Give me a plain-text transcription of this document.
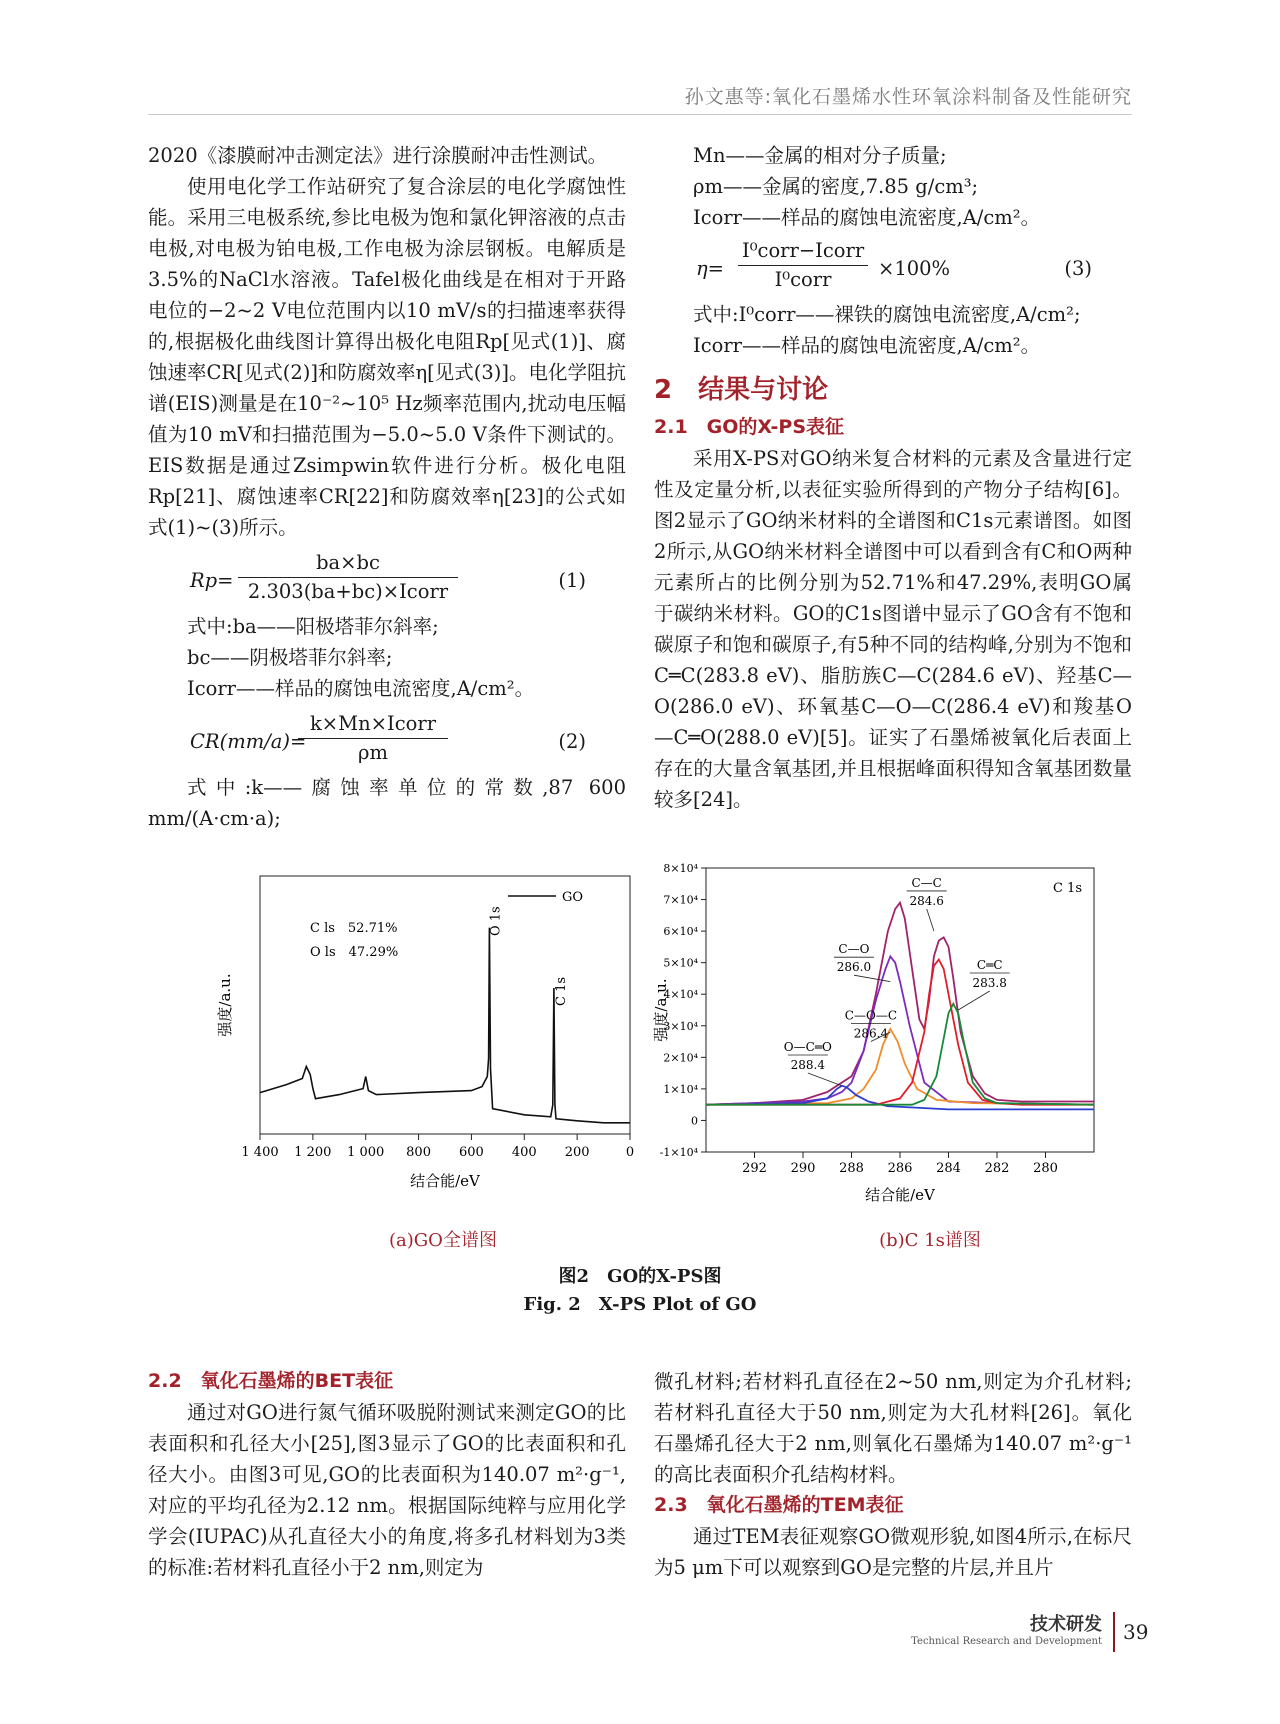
孙文惠等:氧化石墨烯水性环氧涂料制备及性能研究

2020《漆膜耐冲击测定法》进行涂膜耐冲击性测试。

使用电化学工作站研究了复合涂层的电化学腐蚀性能。采用三电极系统,参比电极为饱和氯化钾溶液的点击电极,对电极为铂电极,工作电极为涂层钢板。电解质是3.5%的NaCl水溶液。Tafel极化曲线是在相对于开路电位的−2~2 V电位范围内以10 mV/s的扫描速率获得的,根据极化曲线图计算得出极化电阻Rp[见式(1)]、腐蚀速率CR[见式(2)]和防腐效率η[见式(3)]。电化学阻抗谱(EIS)测量是在10⁻²~10⁵ Hz频率范围内,扰动电压幅值为10 mV和扫描范围为−5.0~5.0 V条件下测试的。EIS数据是通过Zsimpwin软件进行分析。极化电阻Rp[21]、腐蚀速率CR[22]和防腐效率η[23]的公式如式(1)~(3)所示。

Rp=
ba×bc
2.303(ba+bc)×Icorr	(1)

式中:ba——阳极塔菲尔斜率;

bc——阴极塔菲尔斜率;

Icorr——样品的腐蚀电流密度,A/cm²。

CR(mm/a)=
k×Mn×Icorr
ρm	(2)

式中:k——腐蚀率单位的常数,87 600 mm/(A·cm·a);

Mn——金属的相对分子质量;

ρm——金属的密度,7.85 g/cm³;

Icorr——样品的腐蚀电流密度,A/cm²。

η=
I⁰corr−Icorr
I⁰corr	×100%	(3)

式中:I⁰corr——裸铁的腐蚀电流密度,A/cm²;

Icorr——样品的腐蚀电流密度,A/cm²。

2　结果与讨论

2.1　GO的X-PS表征

采用X-PS对GO纳米复合材料的元素及含量进行定性及定量分析,以表征实验所得到的产物分子结构[6]。图2显示了GO纳米材料的全谱图和C1s元素谱图。如图2所示,从GO纳米材料全谱图中可以看到含有C和O两种元素所占的比例分别为52.71%和47.29%,表明GO属于碳纳米材料。GO的C1s图谱中显示了GO含有不饱和碳原子和饱和碳原子,有5种不同的结构峰,分别为不饱和C═C(283.8 eV)、脂肪族C—C(284.6 eV)、羟基C—O(286.0 eV)、环氧基C—O—C(286.4 eV)和羧基O—C═O(288.0 eV)[5]。证实了石墨烯被氧化后表面上存在的大量含氧基团,并且根据峰面积得知含氧基团数量较多[24]。

1 400 1 200 1 000 800 600 400 200	0
结合能/eV
强度/a.u.
GO
C ls　52.71%
O ls　47.29%
O 1s
C 1s
292 290 288 286 284 282 280
-1×10⁴
0
1×10⁴
2×10⁴
3×10⁴
4×10⁴
5×10⁴
6×10⁴
7×10⁴
8×10⁴
结合能/eV
强度/a.u.
C 1s
C—C
284.6
C═C
283.8
C—O
286.0
C—O—C
286.4
O—C═O
288.4
(a)GO全谱图	(b)C 1s谱图
图2　GO的X-PS图
Fig. 2　X-PS Plot of GO

2.2　氧化石墨烯的BET表征

通过对GO进行氮气循环吸脱附测试来测定GO的比表面积和孔径大小[25],图3显示了GO的比表面积和孔径大小。由图3可见,GO的比表面积为140.07 m²·g⁻¹,对应的平均孔径为2.12 nm。根据国际纯粹与应用化学学会(IUPAC)从孔直径大小的角度,将多孔材料划为3类的标准:若材料孔直径小于2 nm,则定为

微孔材料;若材料孔直径在2~50 nm,则定为介孔材料;若材料孔直径大于50 nm,则定为大孔材料[26]。氧化石墨烯孔径大于2 nm,则氧化石墨烯为140.07 m²·g⁻¹的高比表面积介孔结构材料。

2.3　氧化石墨烯的TEM表征

通过TEM表征观察GO微观形貌,如图4所示,在标尺为5 μm下可以观察到GO是完整的片层,并且片

技术研发
Technical Research and Development	39
